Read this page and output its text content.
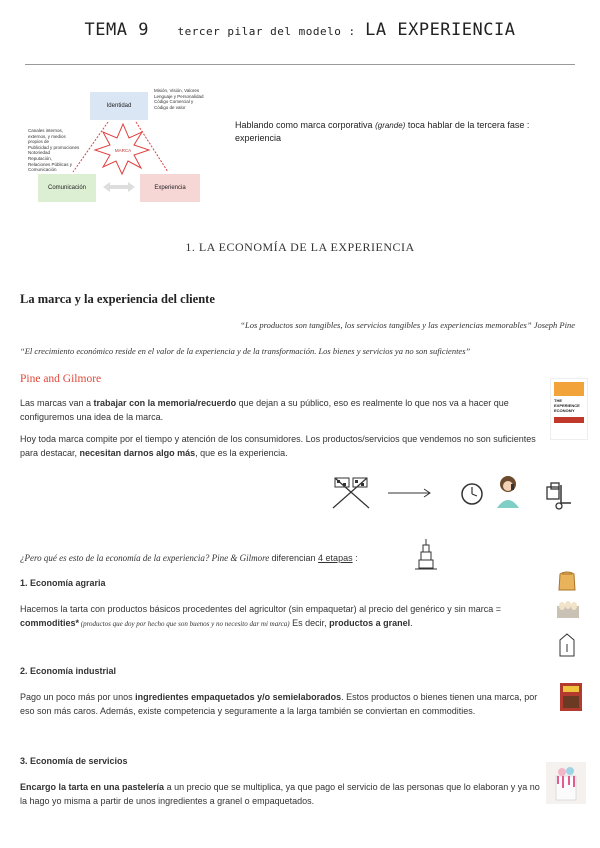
TEMA 9	tercer pilar del modelo : LA EXPERIENCIA
Identidad
Comunicación	Experiencia
MARCA
Misión, Visión, Valores
Lenguaje y Personalidad
Código Comercial y
Código de valor
Canales internos,
externos, y medios
propios de
Publicidad y promociones
Notoriedad
Reputación,
Relaciones Públicas y
Comunicación
Hablando como marca corporativa (grande) toca hablar de la tercera fase : experiencia
1. LA ECONOMÍA DE LA EXPERIENCIA
La marca y la experiencia del cliente
“Los productos son tangibles, los servicios tangibles y las experiencias memorables” Joseph Pine
“El crecimiento económico reside en el valor de la experiencia y de la transformación. Los bienes y servicios ya no son suficientes”
Pine and Gilmore
Las marcas van a trabajar con la memoria/recuerdo que dejan a su público, eso es realmente lo que nos va a hacer que configuremos una idea de la marca.
Hoy toda marca compite por el tiempo y atención de los consumidores. Los productos/servicios que vendemos no son suficientes para destacar, necesitan darnos algo más, que es la experiencia.
THE
EXPERIENCE
ECONOMY
¿Pero qué es esto de la economía de la experiencia? Pine & Gilmore diferencian 4 etapas :
1. Economía agraria
Hacemos la tarta con productos básicos procedentes del agricultor (sin empaquetar) al precio del genérico y sin marca = commodities* (productos que doy por hecho que son buenos y no necesito dar mi marca) Es decir, productos a granel.
2. Economía industrial
Pago un poco más por unos ingredientes empaquetados y/o semielaborados. Estos productos o bienes tienen una marca, por eso son más caros. Además, existe competencia y seguramente a la larga también se conviertan en commodities.
3. Economía de servicios
Encargo la tarta en una pastelería a un precio que se multiplica, ya que pago el servicio de las personas que lo elaboran y ya no la hago yo misma a partir de unos ingredientes a granel o empaquetados.
